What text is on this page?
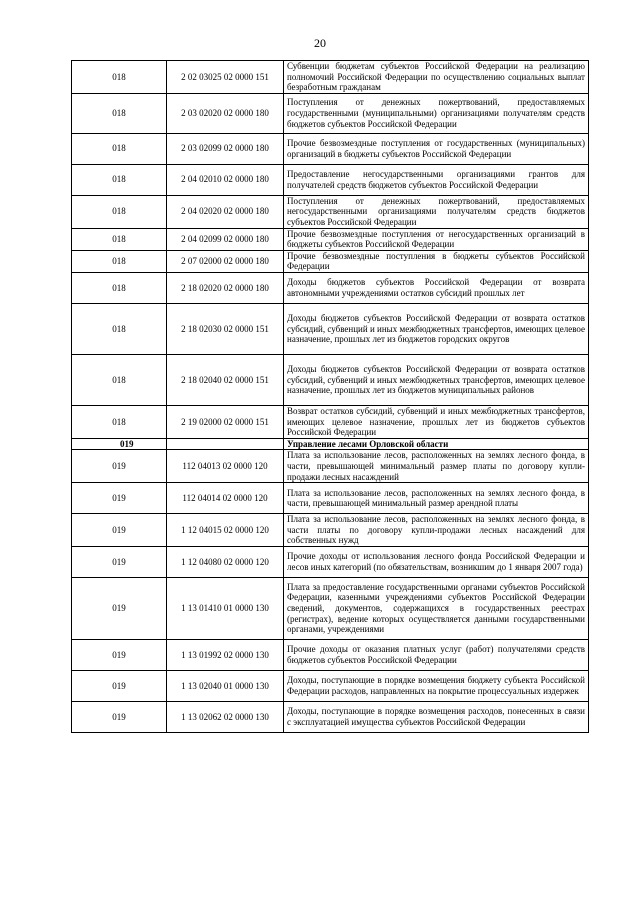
20
018	2 02 03025 02 0000 151	Субвенции бюджетам субъектов Российской Федерации на реализацию полномочий Российской Федерации по осуществлению социальных выплат безработным гражданам
018	2 03 02020 02 0000 180	Поступления от денежных пожертвований, предоставляемых государственными (муниципальными) организациями получателям средств бюджетов субъектов Российской Федерации
018	2 03 02099 02 0000 180	Прочие безвозмездные поступления от государственных (муниципальных) организаций в бюджеты субъектов Российской Федерации
018	2 04 02010 02 0000 180	Предоставление негосударственными организациями грантов для получателей средств бюджетов субъектов Российской Федерации
018	2 04 02020 02 0000 180	Поступления от денежных пожертвований, предоставляемых негосударственными организациями получателям средств бюджетов субъектов Российской Федерации
018	2 04 02099 02 0000 180	Прочие безвозмездные поступления от негосударственных организаций в бюджеты субъектов Российской Федерации
018	2 07 02000 02 0000 180	Прочие безвозмездные поступления в бюджеты субъектов Российской Федерации
018	2 18 02020 02 0000 180	Доходы бюджетов субъектов Российской Федерации от возврата автономными учреждениями остатков субсидий прошлых лет
018	2 18 02030 02 0000 151	Доходы бюджетов субъектов Российской Федерации от возврата остатков субсидий, субвенций и иных межбюджетных трансфертов, имеющих целевое назначение, прошлых лет из бюджетов городских округов
018	2 18 02040 02 0000 151	Доходы бюджетов субъектов Российской Федерации от возврата остатков субсидий, субвенций и иных межбюджетных трансфертов, имеющих целевое назначение, прошлых лет из бюджетов муниципальных районов
018	2 19 02000 02 0000 151	Возврат остатков субсидий, субвенций и иных межбюджетных трансфертов, имеющих целевое назначение, прошлых лет из бюджетов субъектов Российской Федерации
019		Управление лесами Орловской области
019	112 04013 02 0000 120	Плата за использование лесов, расположенных на землях лесного фонда, в части, превышающей минимальный размер платы по договору купли-продажи лесных насаждений
019	112 04014 02 0000 120	Плата за использование лесов, расположенных на землях лесного фонда, в части, превышающей минимальный размер арендной платы
019	1 12 04015 02 0000 120	Плата за использование лесов, расположенных на землях лесного фонда, в части платы по договору купли-продажи лесных насаждений для собственных нужд
019	1 12 04080 02 0000 120	Прочие доходы от использования лесного фонда Российской Федерации и лесов иных категорий (по обязательствам, возникшим до 1 января 2007 года)
019	1 13 01410 01 0000 130	Плата за предоставление государственными органами субъектов Российской Федерации, казенными учреждениями субъектов Российской Федерации сведений, документов, содержащихся в государственных реестрах (регистрах), ведение которых осуществляется данными государственными органами, учреждениями
019	1 13 01992 02 0000 130	Прочие доходы от оказания платных услуг (работ) получателями средств бюджетов субъектов Российской Федерации
019	1 13 02040 01 0000 130	Доходы, поступающие в порядке возмещения бюджету субъекта Российской Федерации расходов, направленных на покрытие процессуальных издержек
019	1 13 02062 02 0000 130	Доходы, поступающие в порядке возмещения расходов, понесенных в связи с эксплуатацией имущества субъектов Российской Федерации
